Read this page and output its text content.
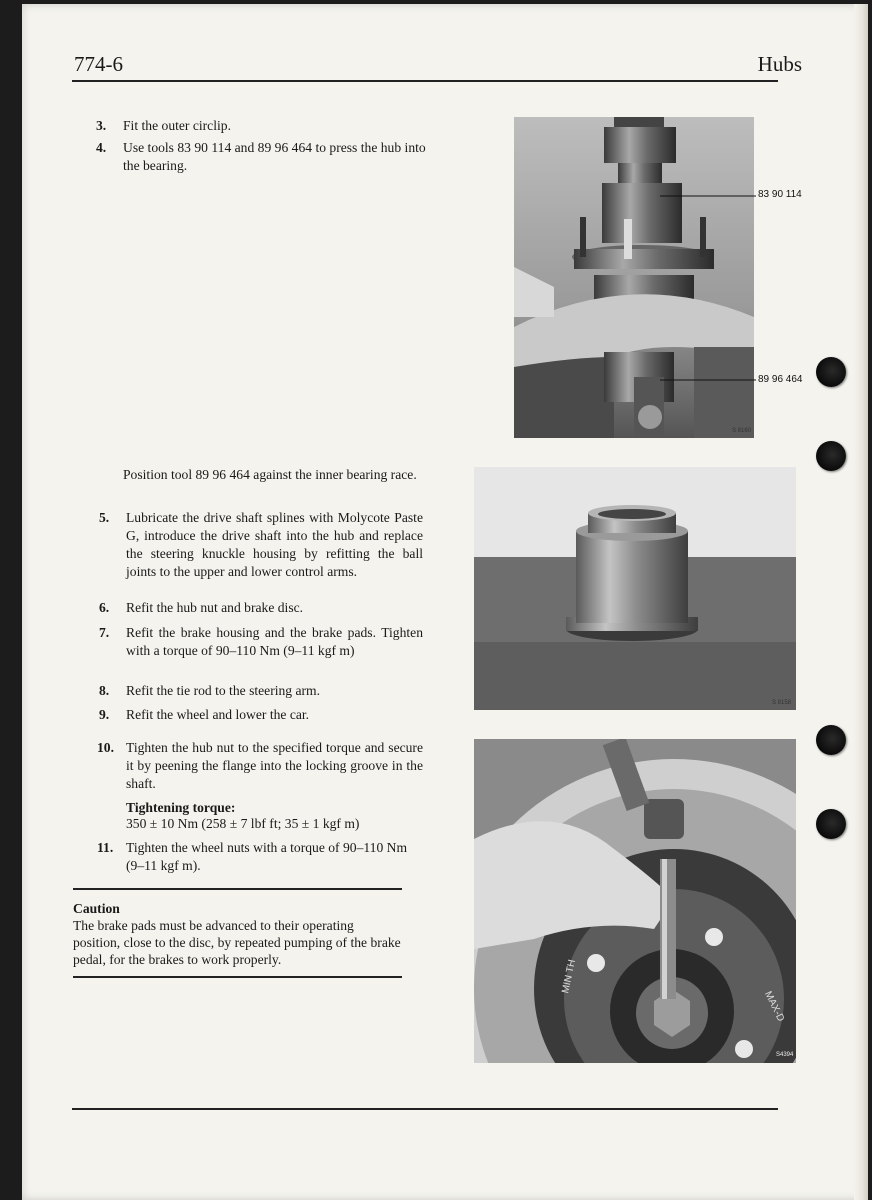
774-6	Hubs
3.	Fit the outer circlip.
4.	Use tools 83 90 114 and 89 96 464 to press the hub into the bearing.
83 90 114
89 96 464
S 8160
Position tool 89 96 464 against the inner bearing race.
5.	Lubricate the drive shaft splines with Molycote Paste G, introduce the drive shaft into the hub and replace the steering knuckle housing by refitting the ball joints to the upper and lower control arms.
6.	Refit the hub nut and brake disc.
7.	Refit the brake housing and the brake pads. Tighten with a torque of 90–110 Nm (9–11 kgf m)
8.	Refit the tie rod to the steering arm.
9.	Refit the wheel and lower the car.
S 8158
10. Tighten the hub nut to the specified torque and secure it by peening the flange into the locking groove in the shaft.
Tightening torque:
350 ± 10 Nm (258 ± 7 lbf ft; 35 ± 1 kgf m)
11. Tighten the wheel nuts with a torque of 90–110 Nm (9–11 kgf m).
Caution
The brake pads must be advanced to their operating position, close to the disc, by repeated pumping of the brake pedal, for the brakes to work properly.	MIN TH
MAX-D
S4394
